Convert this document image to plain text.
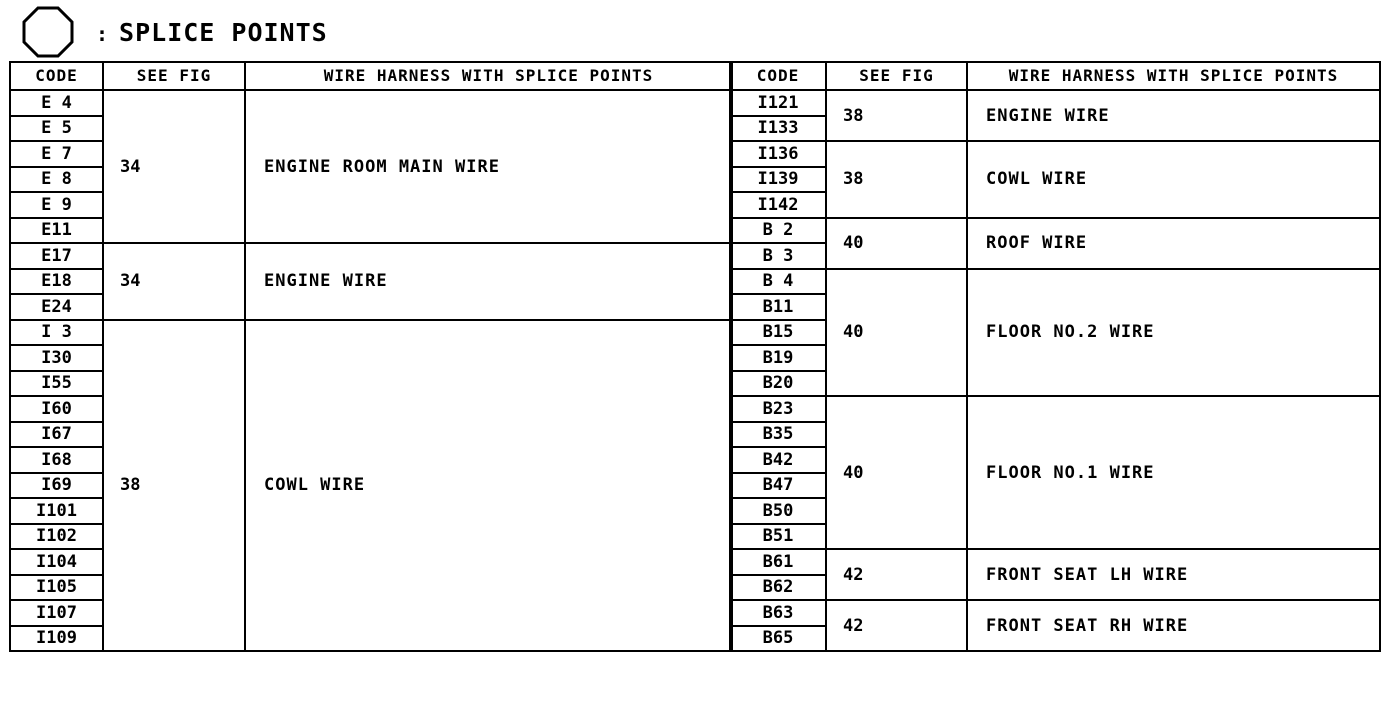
: SPLICE POINTS
CODE	SEE FIG	WIRE HARNESS WITH SPLICE POINTS
E 4	34	ENGINE ROOM MAIN WIRE
E 5		
E 7		
E 8		
E 9		
E11		
E17	34	ENGINE WIRE
E18		
E24		
I 3	38	COWL WIRE
I30		
I55		
I60		
I67		
I68		
I69		
I101		
I102		
I104		
I105		
I107		
I109		
CODE	SEE FIG	WIRE HARNESS WITH SPLICE POINTS
I121	38	ENGINE WIRE
I133		
I136	38	COWL WIRE
I139		
I142		
B 2	40	ROOF WIRE
B 3		
B 4	40	FLOOR NO.2 WIRE
B11		
B15		
B19		
B20		
B23	40	FLOOR NO.1 WIRE
B35		
B42		
B47		
B50		
B51		
B61	42	FRONT SEAT LH WIRE
B62		
B63	42	FRONT SEAT RH WIRE
B65		
